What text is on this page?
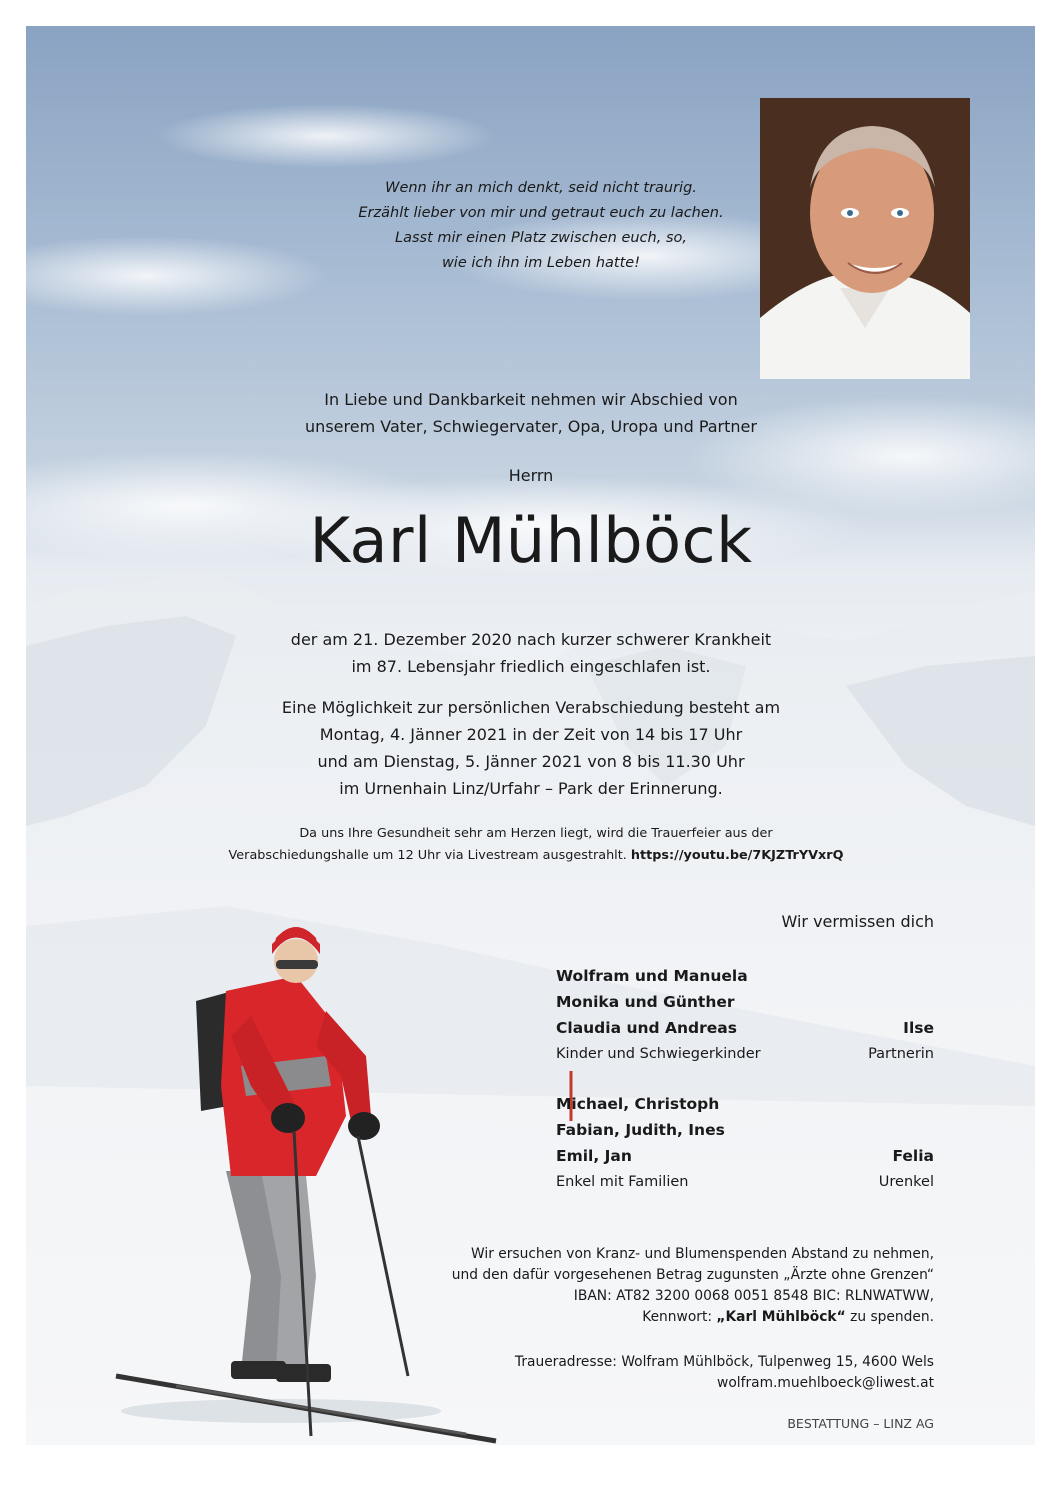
Wenn ihr an mich denkt, seid nicht traurig.
Erzählt lieber von mir und getraut euch zu lachen.
Lasst mir einen Platz zwischen euch, so,
wie ich ihn im Leben hatte!
In Liebe und Dankbarkeit nehmen wir Abschied von
unserem Vater, Schwiegervater, Opa, Uropa und Partner
Herrn
Karl Mühlböck
der am 21. Dezember 2020 nach kurzer schwerer Krankheit
im 87. Lebensjahr friedlich eingeschlafen ist.
Eine Möglichkeit zur persönlichen Verabschiedung besteht am
Montag, 4. Jänner 2021 in der Zeit von 14 bis 17 Uhr
und am Dienstag, 5. Jänner 2021 von 8 bis 11.30 Uhr
im Urnenhain Linz/Urfahr – Park der Erinnerung.
Da uns Ihre Gesundheit sehr am Herzen liegt, wird die Trauerfeier aus der
Verabschiedungshalle um 12 Uhr via Livestream ausgestrahlt. https://youtu.be/7KJZTrYVxrQ
Wir vermissen dich
Wolfram und Manuela
Monika und Günther
Claudia und Andreas
Kinder und Schwiegerkinder
Ilse
Partnerin
Michael, Christoph
Fabian, Judith, Ines
Emil, Jan
Enkel mit Familien
Felia
Urenkel
Wir ersuchen von Kranz- und Blumenspenden Abstand zu nehmen,
und den dafür vorgesehenen Betrag zugunsten „Ärzte ohne Grenzen“
IBAN: AT82 3200 0068 0051 8548 BIC: RLNWATWW,
Kennwort: „Karl Mühlböck“ zu spenden.
Traueradresse: Wolfram Mühlböck, Tulpenweg 15, 4600 Wels
wolfram.muehlboeck@liwest.at
BESTATTUNG – LINZ AG
